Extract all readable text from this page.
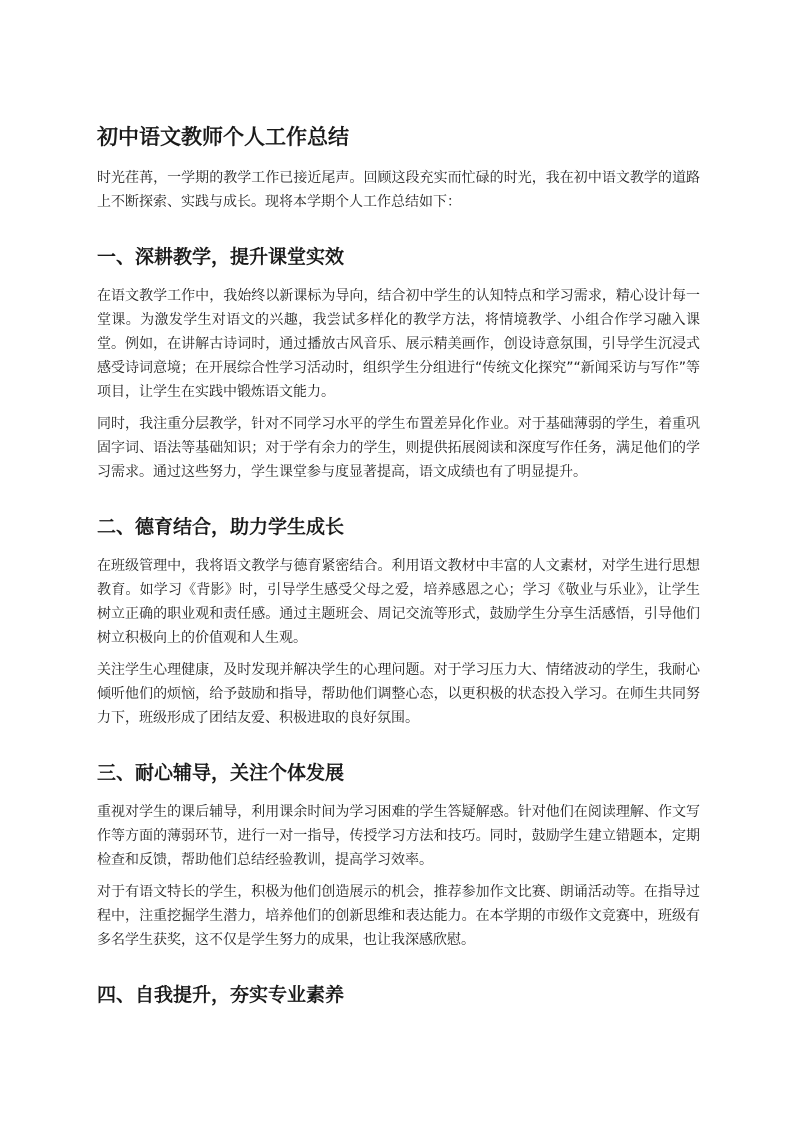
初中语文教师个人工作总结

时光荏苒，一学期的教学工作已接近尾声。回顾这段充实而忙碌的时光，我在初中语文教学的道路上不断探索、实践与成长。现将本学期个人工作总结如下：

一、深耕教学，提升课堂实效

在语文教学工作中，我始终以新课标为导向，结合初中学生的认知特点和学习需求，精心设计每一堂课。为激发学生对语文的兴趣，我尝试多样化的教学方法，将情境教学、小组合作学习融入课堂。例如，在讲解古诗词时，通过播放古风音乐、展示精美画作，创设诗意氛围，引导学生沉浸式感受诗词意境；在开展综合性学习活动时，组织学生分组进行“传统文化探究”“新闻采访与写作”等项目，让学生在实践中锻炼语文能力。

同时，我注重分层教学，针对不同学习水平的学生布置差异化作业。对于基础薄弱的学生，着重巩固字词、语法等基础知识；对于学有余力的学生，则提供拓展阅读和深度写作任务，满足他们的学习需求。通过这些努力，学生课堂参与度显著提高，语文成绩也有了明显提升。

二、德育结合，助力学生成长

在班级管理中，我将语文教学与德育紧密结合。利用语文教材中丰富的人文素材，对学生进行思想教育。如学习《背影》时，引导学生感受父母之爱，培养感恩之心；学习《敬业与乐业》，让学生树立正确的职业观和责任感。通过主题班会、周记交流等形式，鼓励学生分享生活感悟，引导他们树立积极向上的价值观和人生观。

关注学生心理健康，及时发现并解决学生的心理问题。对于学习压力大、情绪波动的学生，我耐心倾听他们的烦恼，给予鼓励和指导，帮助他们调整心态，以更积极的状态投入学习。在师生共同努力下，班级形成了团结友爱、积极进取的良好氛围。

三、耐心辅导，关注个体发展

重视对学生的课后辅导，利用课余时间为学习困难的学生答疑解惑。针对他们在阅读理解、作文写作等方面的薄弱环节，进行一对一指导，传授学习方法和技巧。同时，鼓励学生建立错题本，定期检查和反馈，帮助他们总结经验教训，提高学习效率。

对于有语文特长的学生，积极为他们创造展示的机会，推荐参加作文比赛、朗诵活动等。在指导过程中，注重挖掘学生潜力，培养他们的创新思维和表达能力。在本学期的市级作文竞赛中，班级有多名学生获奖，这不仅是学生努力的成果，也让我深感欣慰。

四、自我提升，夯实专业素养
